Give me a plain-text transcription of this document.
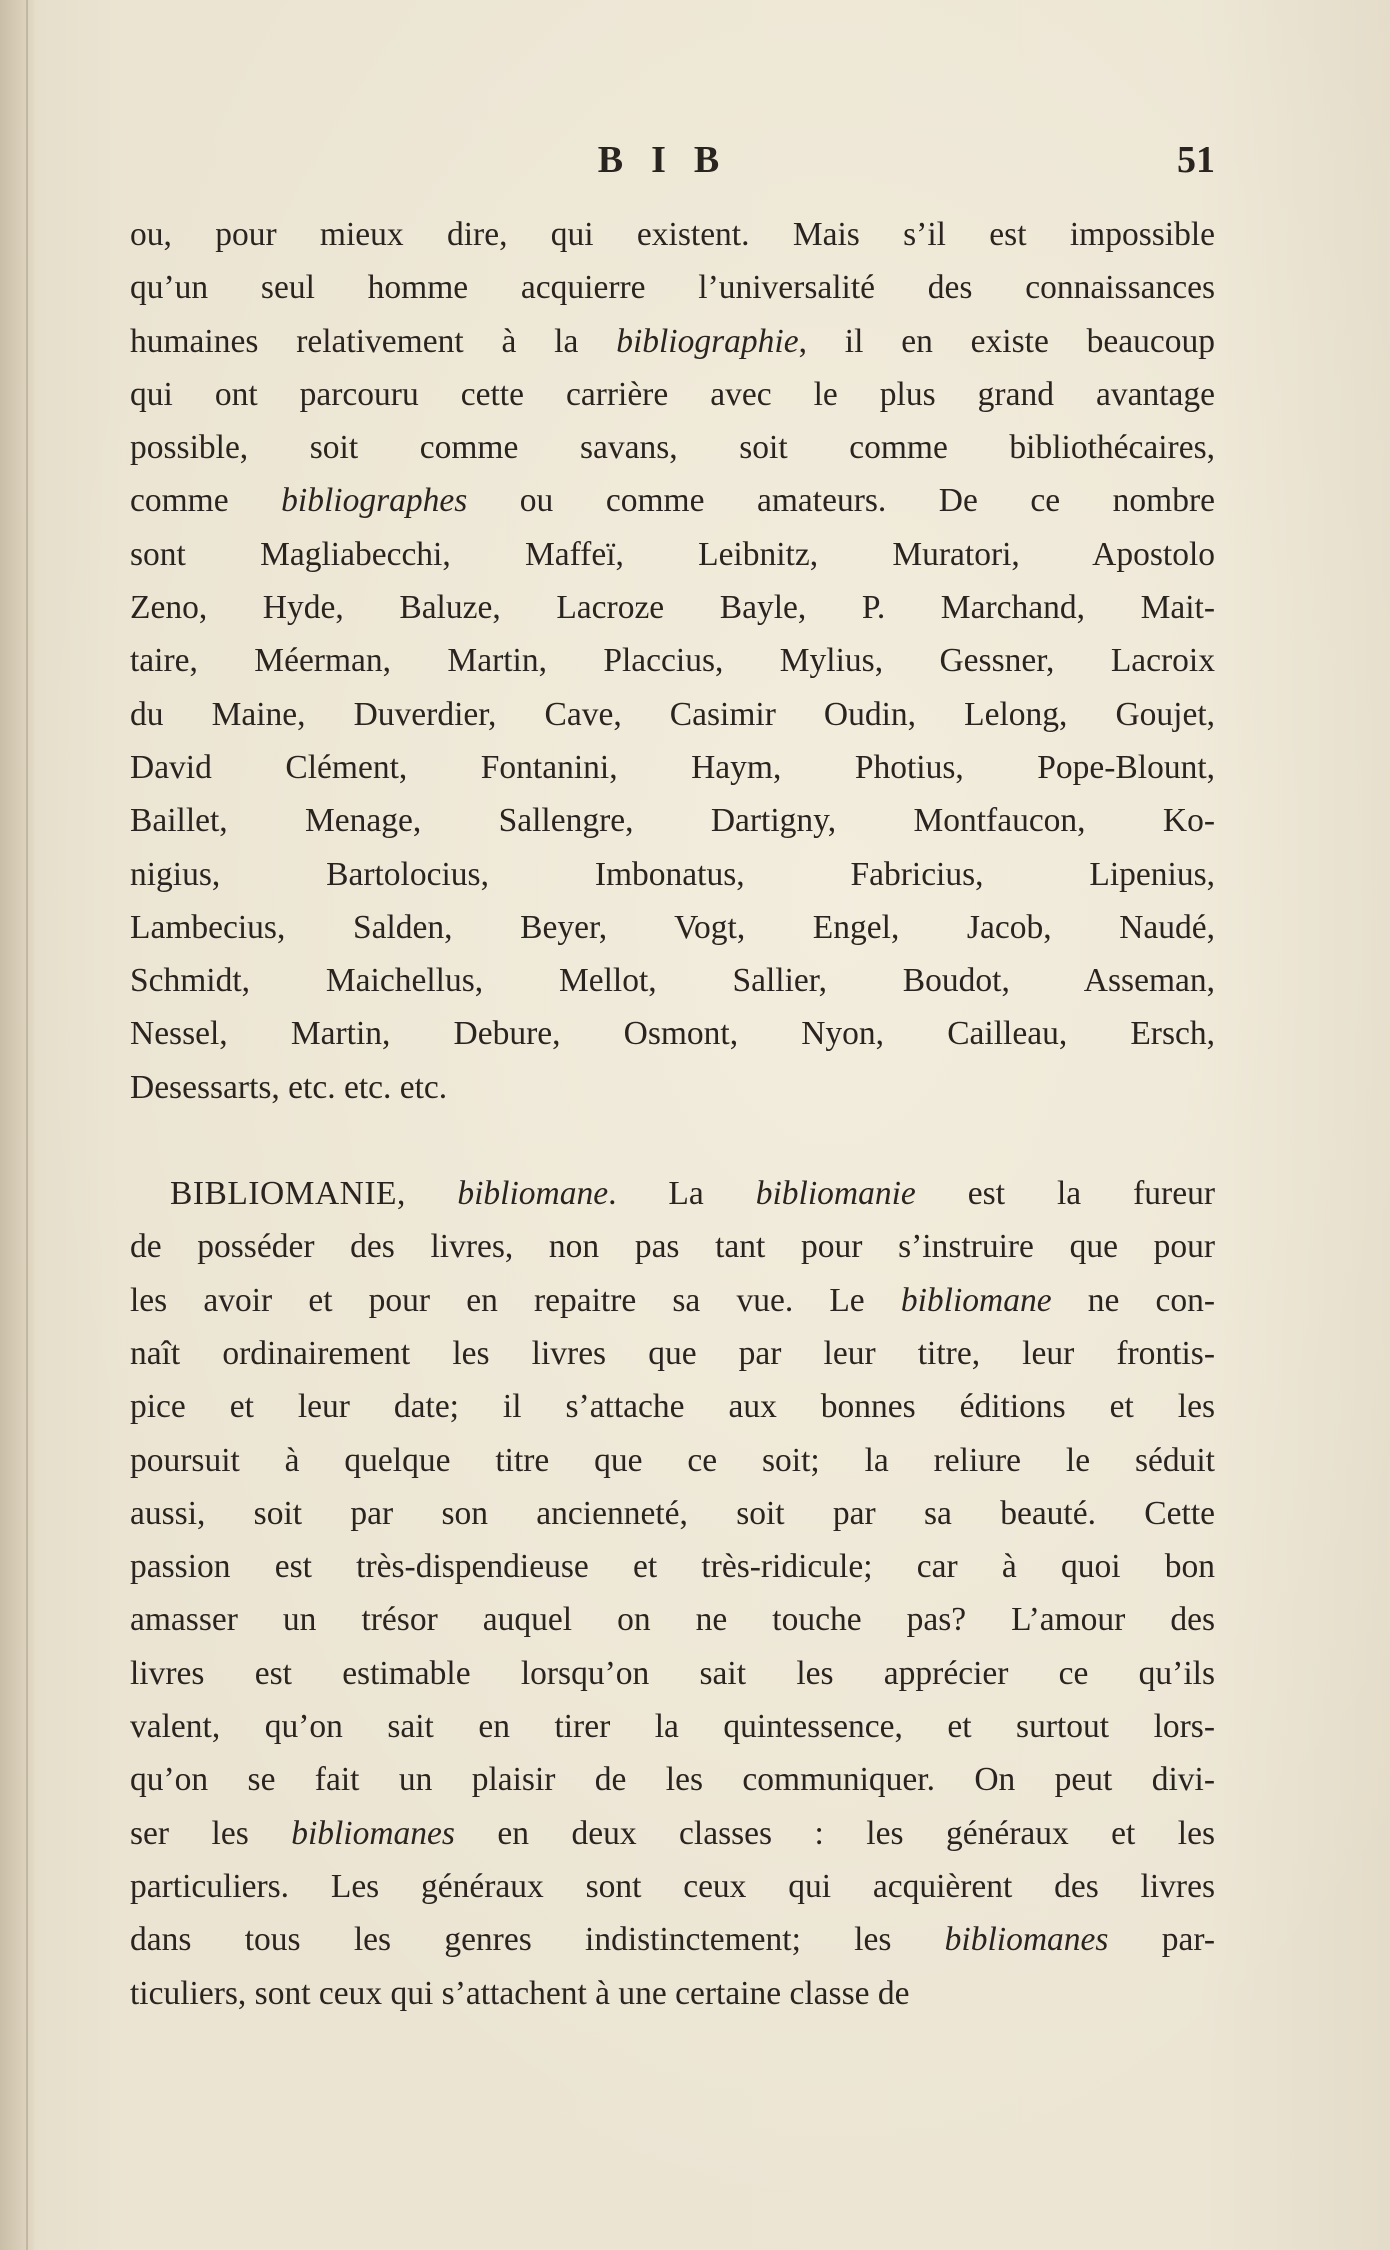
BIB	51
ou, pour mieux dire, qui existent. Mais s’il est impossible
qu’un seul homme acquierre l’universalité des connaissances
humaines relativement à la bibliographie, il en existe beaucoup
qui ont parcouru cette carrière avec le plus grand avantage
possible, soit comme savans, soit comme bibliothécaires,
comme bibliographes ou comme amateurs. De ce nombre
sont Magliabecchi, Maffeï, Leibnitz, Muratori, Apostolo
Zeno, Hyde, Baluze, Lacroze Bayle, P. Marchand, Mait-
taire, Méerman, Martin, Placcius, Mylius, Gessner, Lacroix
du Maine, Duverdier, Cave, Casimir Oudin, Lelong, Goujet,
David Clément, Fontanini, Haym, Photius, Pope-Blount,
Baillet, Menage, Sallengre, Dartigny, Montfaucon, Ko-
nigius, Bartolocius, Imbonatus, Fabricius, Lipenius,
Lambecius, Salden, Beyer, Vogt, Engel, Jacob, Naudé,
Schmidt, Maichellus, Mellot, Sallier, Boudot, Asseman,
Nessel, Martin, Debure, Osmont, Nyon, Cailleau, Ersch,
Desessarts, etc. etc. etc.
BIBLIOMANIE, bibliomane. La bibliomanie est la fureur
de posséder des livres, non pas tant pour s’instruire que pour
les avoir et pour en repaitre sa vue. Le bibliomane ne con-
naît ordinairement les livres que par leur titre, leur frontis-
pice et leur date; il s’attache aux bonnes éditions et les
poursuit à quelque titre que ce soit; la reliure le séduit
aussi, soit par son ancienneté, soit par sa beauté. Cette
passion est très-dispendieuse et très-ridicule; car à quoi bon
amasser un trésor auquel on ne touche pas? L’amour des
livres est estimable lorsqu’on sait les apprécier ce qu’ils
valent, qu’on sait en tirer la quintessence, et surtout lors-
qu’on se fait un plaisir de les communiquer. On peut divi-
ser les bibliomanes en deux classes : les généraux et les
particuliers. Les généraux sont ceux qui acquièrent des livres
dans tous les genres indistinctement; les bibliomanes par-
ticuliers, sont ceux qui s’attachent à une certaine classe de
